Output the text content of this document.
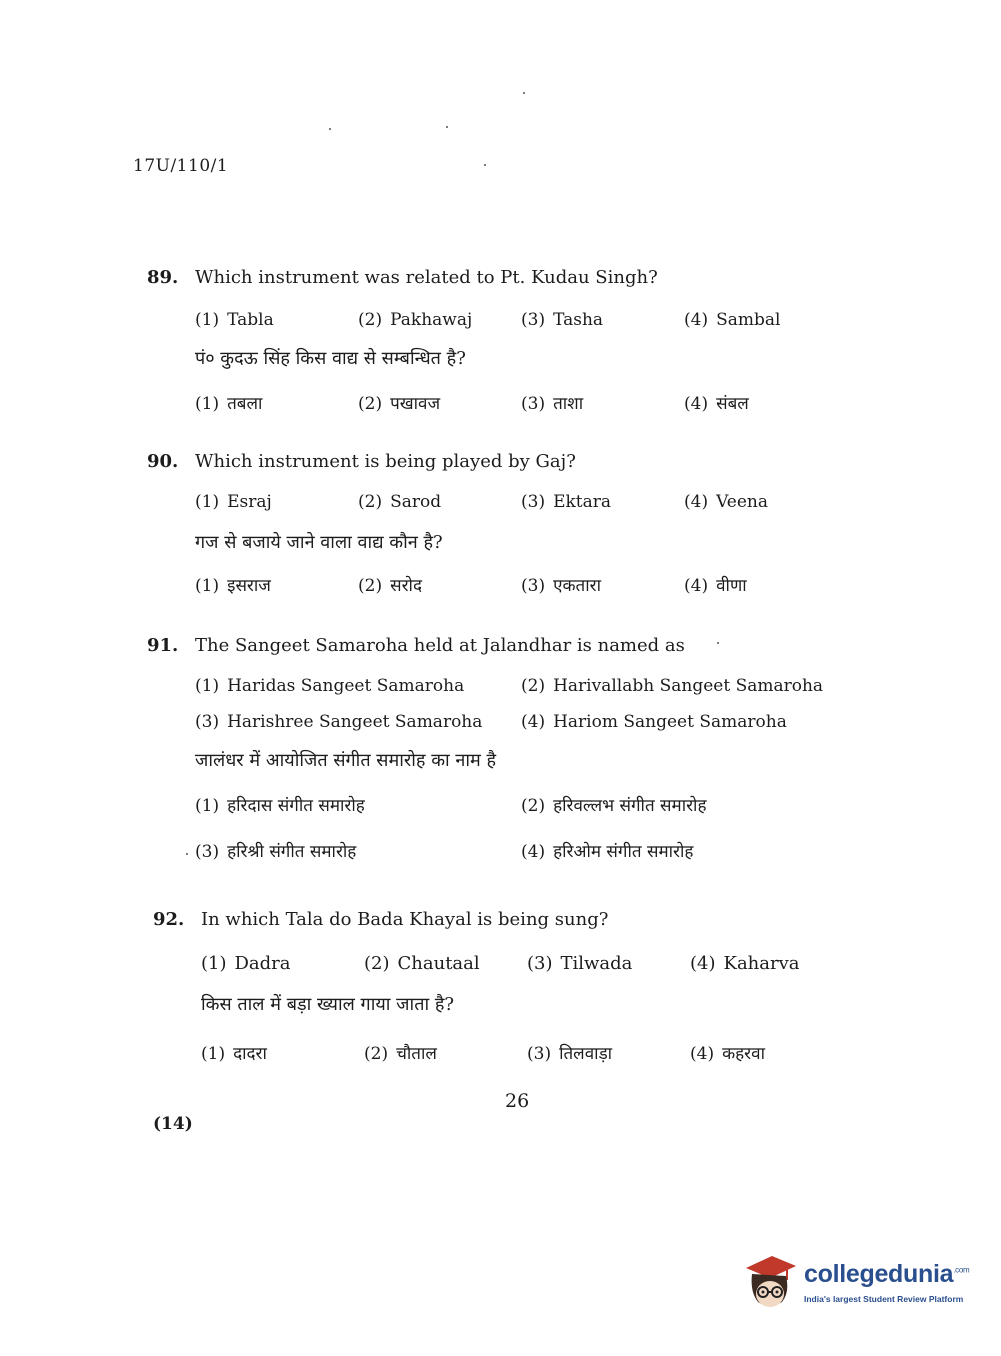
17U/110/1
89. Which instrument was related to Pt. Kudau Singh?
(1) Tabla	(2) Pakhawaj	(3) Tasha	(4) Sambal
पं० कुदऊ सिंह किस वाद्य से सम्बन्धित है?
(1) तबला	(2) पखावज	(3) ताशा	(4) संबल
90. Which instrument is being played by Gaj?
(1) Esraj	(2) Sarod	(3) Ektara	(4) Veena
गज से बजाये जाने वाला वाद्य कौन है?
(1) इसराज	(2) सरोद	(3) एकतारा	(4) वीणा
91. The Sangeet Samaroha held at Jalandhar is named as
(1) Haridas Sangeet Samaroha	(2) Harivallabh Sangeet Samaroha
(3) Harishree Sangeet Samaroha	(4) Hariom Sangeet Samaroha
जालंधर में आयोजित संगीत समारोह का नाम है
(1) हरिदास संगीत समारोह	(2) हरिवल्लभ संगीत समारोह
(3) हरिश्री संगीत समारोह	(4) हरिओम संगीत समारोह
92. In which Tala do Bada Khayal is being sung?
(1) Dadra	(2) Chautaal	(3) Tilwada	(4) Kaharva
किस ताल में बड़ा ख्याल गाया जाता है?
(1) दादरा	(2) चौताल	(3) तिलवाड़ा	(4) कहरवा
26
(14)
collegedunia$^{.com}$
India's largest Student Review Platform
